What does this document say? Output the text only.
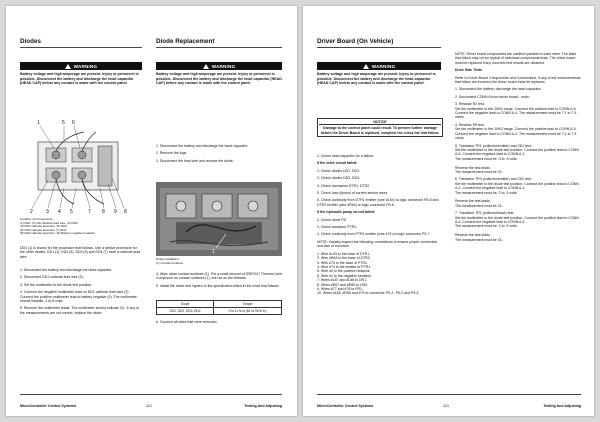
Diodes
WARNING
Battery voltage and high amperage are present. Injury to personnel is possible. Disconnect the battery and discharge the head capacitor (HEAD CAP) before any contact is made with the control panel.
1	5 6
2	3 4 5	7 8 9 8
Location of Components
(1) DD1. (2) DD cathode lead wire. (3) DD3.
(4) DD2 cathode lead wire. (5) DD2.
(6) DD3 cathode lead wire (7) DD4.
(8) DD4 cathode lead wire. (9) Battery negative heatsink.
DD1 (1) is shown for the procedure that follows. Use a similar procedure for the other diodes. DD1 (1), DD2 (5), DD3 (5) and DD4 (7) have a cathode lead wire.
1. Disconnect the battery and discharge the head capacitor.
2. Disconnect DD1 cathode lead wire (2).
3. Set the multimeter to the diode test position.
4. Connect the negative multimeter lead on DD1 cathode lead wire (2). Connect the positive multimeter lead to battery negative (9). The multimeter should indicate .3 to.8 volts.
5. Reverse the multimeter leads. The multimeter should indicate OL. If any of the measurements are not correct, replace the diode.
Diode Replacement
WARNING
Battery voltage and high amperage are present. Injury to personnel is possible. Disconnect the battery and discharge the head capacitor (HEAD CAP) before any contact is made with the control panel.
1. Disconnect the battery and discharge the head capacitor.
2. Remove the lugs.
3. Disconnect the lead wire and remove the diode.
1
Diode installation
(1) Contact surfaces.
4. Wipe clean contact surfaces (1). Put a small amount of D557047 Thermal Joint Compound on contact surfaces (1), but not on the threads.
5. Install the diode and tighten to the specification listed in the chart that follows.
Diode	Torque
DD1, DD2, DD3, DD4	9 to 11 N·m (81 to 95 lb·in)
6. Connect all wires that were removed.
MicroController Control Systems	112	Testing And Adjusting
Driver Board (On Vehicle)
WARNING
Battery voltage and high amperage are present. Injury to personnel is possible. Disconnect the battery and discharge the head capacitor (HEAD CAP) before any contact is made with the control panel.
NOTICE
Damage to the control panel could result. To prevent further damage before the Driver Board is replaced, complete the check list that follow:
1. Check head capacitor for a failure.
If the drive circuit failed:
2. Check diodes DD1, DD2.
3. Check diodes DD3, DD4.
4. Check transistors DTR1, DTR2.
5. Check fuse (blown) of current sensor wires.
6. Check continuity from DTR1 emitter (wire #L64) to logic connector P5-5 and DTR2 emitter (wire #R64) to logic connector P5-6.
If the hydraulic pump circuit failed:
2. Check diode PD.
3. Check transistor PTR1.
4. Check continuity from PTR1 emitter (wire #74) to logic connector P5-7.
NOTE: Visually inspect the following connections to ensure proper connection and lack of corrosion.
1. Wire #L63 to the base of DTR1.
2. Wire #R63 to the base of DTR2.
3. Wire #73 to the base of PTR1.
4. Wire #74 to the emitter of PTR1.
5. Wire #4 to the positive heatsink.
6. Wire #1 to the negative heatsink.
7. Wires #L67 and #L68 to DR1.
8. Wires #R67 and #R68 to DR2.
9. Wires #77 and #78 to PR1.
10. Wires #L65, #R65 and #75 to connector P5–1, P5-2 and P5-3.
NOTE: Driver board components are soldered parallel to each other. The tests that follow may not be typical of individual components tests. The driver board must be replaced if any incorrect test results are obtained.
Drive Side Tests
Refer to Driver Board Components and Connections. If any of the measurements that follow are incorrect the driver board must be replaced.
1. Disconnect the battery; discharge the head capacitor.
2. Disconnect CONN A from driver board - main.
3. Resistor R2 test.
Set the multimeter to the 20KΩ range. Connect the positive lead to CONN A-6. Connect the negative lead to CONN A-4. The measurement must be 7.1 to 7.9 ohms.
4. Resistor R5 test.
Set the multimeter to the 20KΩ range. Connect the positive lead to CONN A-5. Connect the negative lead to CONN A-3. The measurement must be 7.1 to 7.9 ohms.
5. Transistor TR1 (collector/emitter) and ZD1 test.
Set the multimeter to the diode test position. Connect the positive lead to CONN A-6. Connect the negative lead to CONN A-1.
The measurement must be .3 to .9 volts.

Reverse the test leads.
The measurement must be OL.
6. Transistor TR3 (collector/emitter) and ZD2 test.
Set the multimeter to the diode test position. Connect the positive lead to CONN A-2. Connect the negative lead to CONN A-1.
The measurement must be .3 to .9 volts.

Reverse the test leads.
The measurement must be OL.
7. Transistor TR1 (collector/base) test.
Set the multimeter to the diode test position. Connect the positive lead to CONN A-6. Connect the negative lead to CONN A-4.
The measurement must be .3 to .9 volts.

Reverse the test leads.
The measurement must be OL.
MicroController Control Systems	113	Testing And Adjusting
